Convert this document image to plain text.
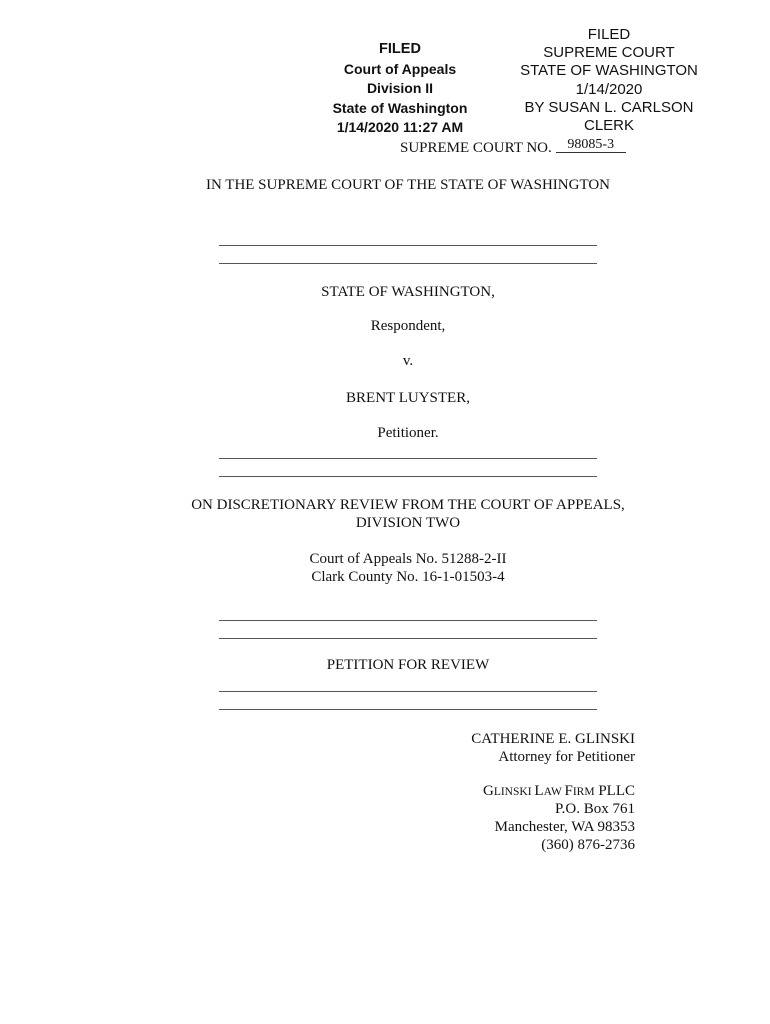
FILED
Court of Appeals
Division II
State of Washington
1/14/2020 11:27 AM
FILED
SUPREME COURT
STATE OF WASHINGTON
1/14/2020
BY SUSAN L. CARLSON
CLERK
SUPREME COURT NO. 98085-3
IN THE SUPREME COURT OF THE STATE OF WASHINGTON
STATE OF WASHINGTON,
Respondent,
v.
BRENT LUYSTER,
Petitioner.
ON DISCRETIONARY REVIEW FROM THE COURT OF APPEALS,
DIVISION TWO
Court of Appeals No. 51288-2-II
Clark County No. 16-1-01503-4
PETITION FOR REVIEW
CATHERINE E. GLINSKI
Attorney for Petitioner
GLINSKI LAW FIRM PLLC
P.O. Box 761
Manchester, WA 98353
(360) 876-2736
